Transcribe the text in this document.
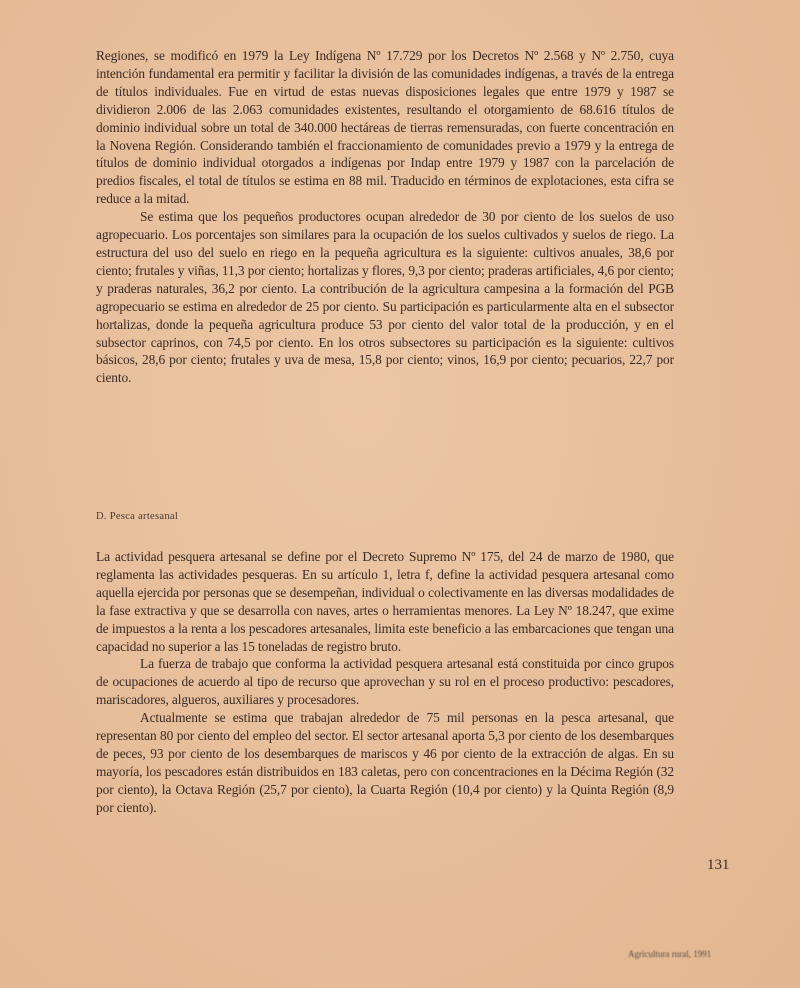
Regiones, se modificó en 1979 la Ley Indígena Nº 17.729 por los Decretos Nº 2.568 y Nº 2.750, cuya intención fundamental era permitir y facilitar la división de las comunidades indígenas, a través de la entrega de títulos individuales. Fue en virtud de estas nuevas disposiciones legales que entre 1979 y 1987 se dividieron 2.006 de las 2.063 comunidades existentes, resultando el otorgamiento de 68.616 títulos de dominio individual sobre un total de 340.000 hectáreas de tierras remensuradas, con fuerte concentración en la Novena Región. Considerando también el fraccionamiento de comunidades previo a 1979 y la entrega de títulos de dominio individual otorgados a indígenas por Indap entre 1979 y 1987 con la parcelación de predios fiscales, el total de títulos se estima en 88 mil. Traducido en términos de explotaciones, esta cifra se reduce a la mitad.

Se estima que los pequeños productores ocupan alrededor de 30 por ciento de los suelos de uso agropecuario. Los porcentajes son similares para la ocupación de los suelos cultivados y suelos de riego. La estructura del uso del suelo en riego en la pequeña agricultura es la siguiente: cultivos anuales, 38,6 por ciento; frutales y viñas, 11,3 por ciento; hortalizas y flores, 9,3 por ciento; praderas artificiales, 4,6 por ciento; y praderas naturales, 36,2 por ciento. La contribución de la agricultura campesina a la formación del PGB agropecuario se estima en alrededor de 25 por ciento. Su participación es particularmente alta en el subsector hortalizas, donde la pequeña agricultura produce 53 por ciento del valor total de la producción, y en el subsector caprinos, con 74,5 por ciento. En los otros subsectores su participación es la siguiente: cultivos básicos, 28,6 por ciento; frutales y uva de mesa, 15,8 por ciento; vinos, 16,9 por ciento; pecuarios, 22,7 por ciento.

D. Pesca artesanal

La actividad pesquera artesanal se define por el Decreto Supremo Nº 175, del 24 de marzo de 1980, que reglamenta las actividades pesqueras. En su artículo 1, letra f, define la actividad pesquera artesanal como aquella ejercida por personas que se desempeñan, individual o colectivamente en las diversas modalidades de la fase extractiva y que se desarrolla con naves, artes o herramientas menores. La Ley Nº 18.247, que exime de impuestos a la renta a los pescadores artesanales, limita este beneficio a las embarcaciones que tengan una capacidad no superior a las 15 toneladas de registro bruto.

La fuerza de trabajo que conforma la actividad pesquera artesanal está constituida por cinco grupos de ocupaciones de acuerdo al tipo de recurso que aprovechan y su rol en el proceso productivo: pescadores, mariscadores, algueros, auxiliares y procesadores.

Actualmente se estima que trabajan alrededor de 75 mil personas en la pesca artesanal, que representan 80 por ciento del empleo del sector. El sector artesanal aporta 5,3 por ciento de los desembarques de peces, 93 por ciento de los desembarques de mariscos y 46 por ciento de la extracción de algas. En su mayoría, los pescadores están distribuidos en 183 caletas, pero con concentraciones en la Décima Región (32 por ciento), la Octava Región (25,7 por ciento), la Cuarta Región (10,4 por ciento) y la Quinta Región (8,9 por ciento).

131
Agricultura rural, 1991
